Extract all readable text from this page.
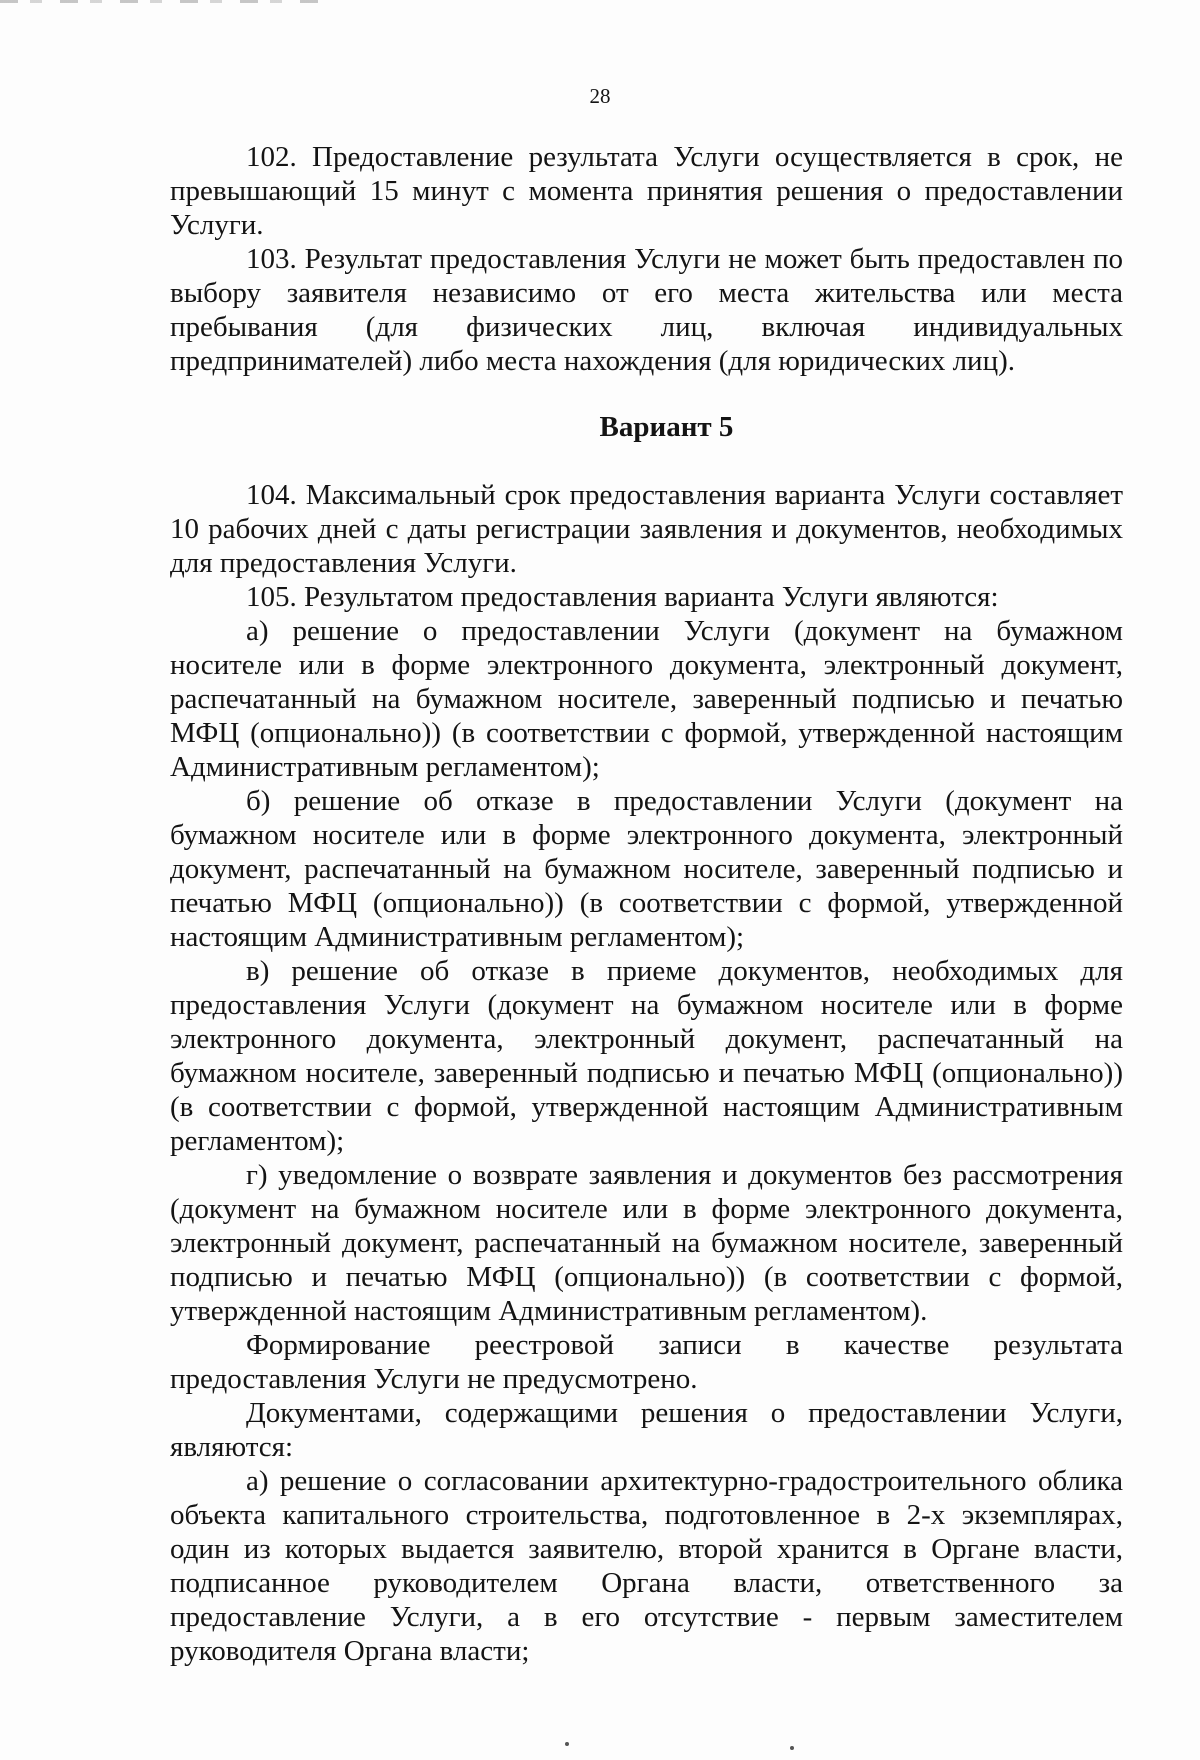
28

102. Предоставление результата Услуги осуществляется в срок, не превышающий 15 минут с момента принятия решения о предоставлении Услуги.

103. Результат предоставления Услуги не может быть предоставлен по выбору заявителя независимо от его места жительства или места пребывания (для физических лиц, включая индивидуальных предпринимателей) либо места нахождения (для юридических лиц).

Вариант 5

104. Максимальный срок предоставления варианта Услуги составляет 10 рабочих дней с даты регистрации заявления и документов, необходимых для предоставления Услуги.

105. Результатом предоставления варианта Услуги являются:

а) решение о предоставлении Услуги (документ на бумажном носителе или в форме электронного документа, электронный документ, распечатанный на бумажном носителе, заверенный подписью и печатью МФЦ (опционально)) (в соответствии с формой, утвержденной настоящим Административным регламентом);

б) решение об отказе в предоставлении Услуги (документ на бумажном носителе или в форме электронного документа, электронный документ, распечатанный на бумажном носителе, заверенный подписью и печатью МФЦ (опционально)) (в соответствии с формой, утвержденной настоящим Административным регламентом);

в) решение об отказе в приеме документов, необходимых для предоставления Услуги (документ на бумажном носителе или в форме электронного документа, электронный документ, распечатанный на бумажном носителе, заверенный подписью и печатью МФЦ (опционально)) (в соответствии с формой, утвержденной настоящим Административным регламентом);

г) уведомление о возврате заявления и документов без рассмотрения (документ на бумажном носителе или в форме электронного документа, электронный документ, распечатанный на бумажном носителе, заверенный подписью и печатью МФЦ (опционально)) (в соответствии с формой, утвержденной настоящим Административным регламентом).

Формирование реестровой записи в качестве результата предоставления Услуги не предусмотрено.

Документами, содержащими решения о предоставлении Услуги, являются:

а) решение о согласовании архитектурно-градостроительного облика объекта капитального строительства, подготовленное в 2-х экземплярах, один из которых выдается заявителю, второй хранится в Органе власти, подписанное руководителем Органа власти, ответственного за предоставление Услуги, а в его отсутствие - первым заместителем руководителя Органа власти;
